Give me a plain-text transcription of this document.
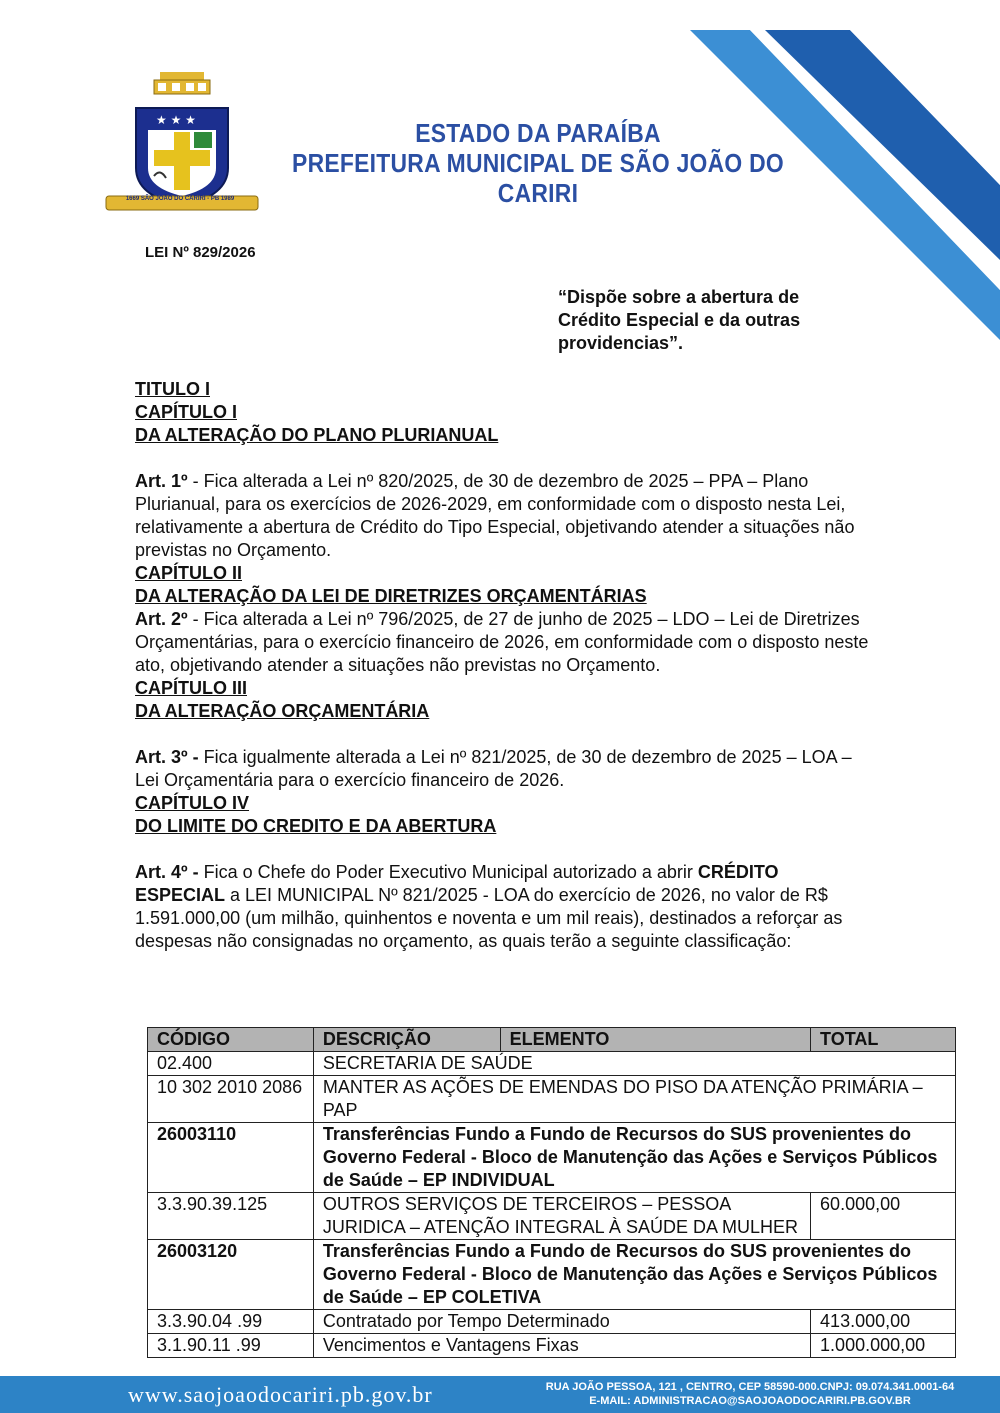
★ ★ ★
1669 SÃO JOÃO DO CARIRI - PB 1989
ESTADO DA PARAÍBA
PREFEITURA MUNICIPAL DE SÃO JOÃO DO CARIRI
LEI Nº 829/2026
“Dispõe sobre a abertura de Crédito Especial e da outras providencias”.

TITULO I

CAPÍTULO I

DA ALTERAÇÃO DO PLANO PLURIANUAL

Art. 1º - Fica alterada a Lei nº 820/2025, de 30 de dezembro de 2025 – PPA – Plano Plurianual, para os exercícios de 2026-2029, em conformidade com o disposto nesta Lei, relativamente a abertura de Crédito do Tipo Especial, objetivando atender a situações não previstas no Orçamento.

CAPÍTULO II

DA ALTERAÇÃO DA LEI DE DIRETRIZES ORÇAMENTÁRIAS

Art. 2º - Fica alterada a Lei nº 796/2025, de 27 de junho de 2025 – LDO – Lei de Diretrizes Orçamentárias, para o exercício financeiro de 2026, em conformidade com o disposto neste ato, objetivando atender a situações não previstas no Orçamento.

CAPÍTULO III

DA ALTERAÇÃO ORÇAMENTÁRIA

Art. 3º - Fica igualmente alterada a Lei nº 821/2025, de 30 de dezembro de 2025 – LOA – Lei Orçamentária para o exercício financeiro de 2026.

CAPÍTULO IV

DO LIMITE DO CREDITO E DA ABERTURA

Art. 4º - Fica o Chefe do Poder Executivo Municipal autorizado a abrir CRÉDITO ESPECIAL a LEI MUNICIPAL Nº 821/2025 - LOA do exercício de 2026, no valor de R$ 1.591.000,00 (um milhão, quinhentos e noventa e um mil reais), destinados a reforçar as despesas não consignadas no orçamento, as quais terão a seguinte classificação:

CÓDIGO	DESCRIÇÃO	ELEMENTO	TOTAL
02.400	SECRETARIA DE SAÚDE		
10 302 2010 2086	MANTER AS AÇÕES DE EMENDAS DO PISO DA ATENÇÃO PRIMÁRIA – PAP		
26003110	Transferências Fundo a Fundo de Recursos do SUS provenientes do Governo Federal - Bloco de Manutenção das Ações e Serviços Públicos de Saúde – EP INDIVIDUAL		
3.3.90.39.125	OUTROS SERVIÇOS DE TERCEIROS – PESSOA JURIDICA – ATENÇÃO INTEGRAL À SAÚDE DA MULHER		60.000,00
26003120	Transferências Fundo a Fundo de Recursos do SUS provenientes do Governo Federal - Bloco de Manutenção das Ações e Serviços Públicos de Saúde – EP COLETIVA		
3.3.90.04 .99	Contratado por Tempo Determinado		413.000,00
3.1.90.11 .99	Vencimentos e Vantagens Fixas		1.000.000,00
www.saojoaodocariri.pb.gov.br	RUA JOÃO PESSOA, 121 , CENTRO, CEP 58590-000.CNPJ: 09.074.341.0001-64
E-MAIL: ADMINISTRACAO@SAOJOAODOCARIRI.PB.GOV.BR
